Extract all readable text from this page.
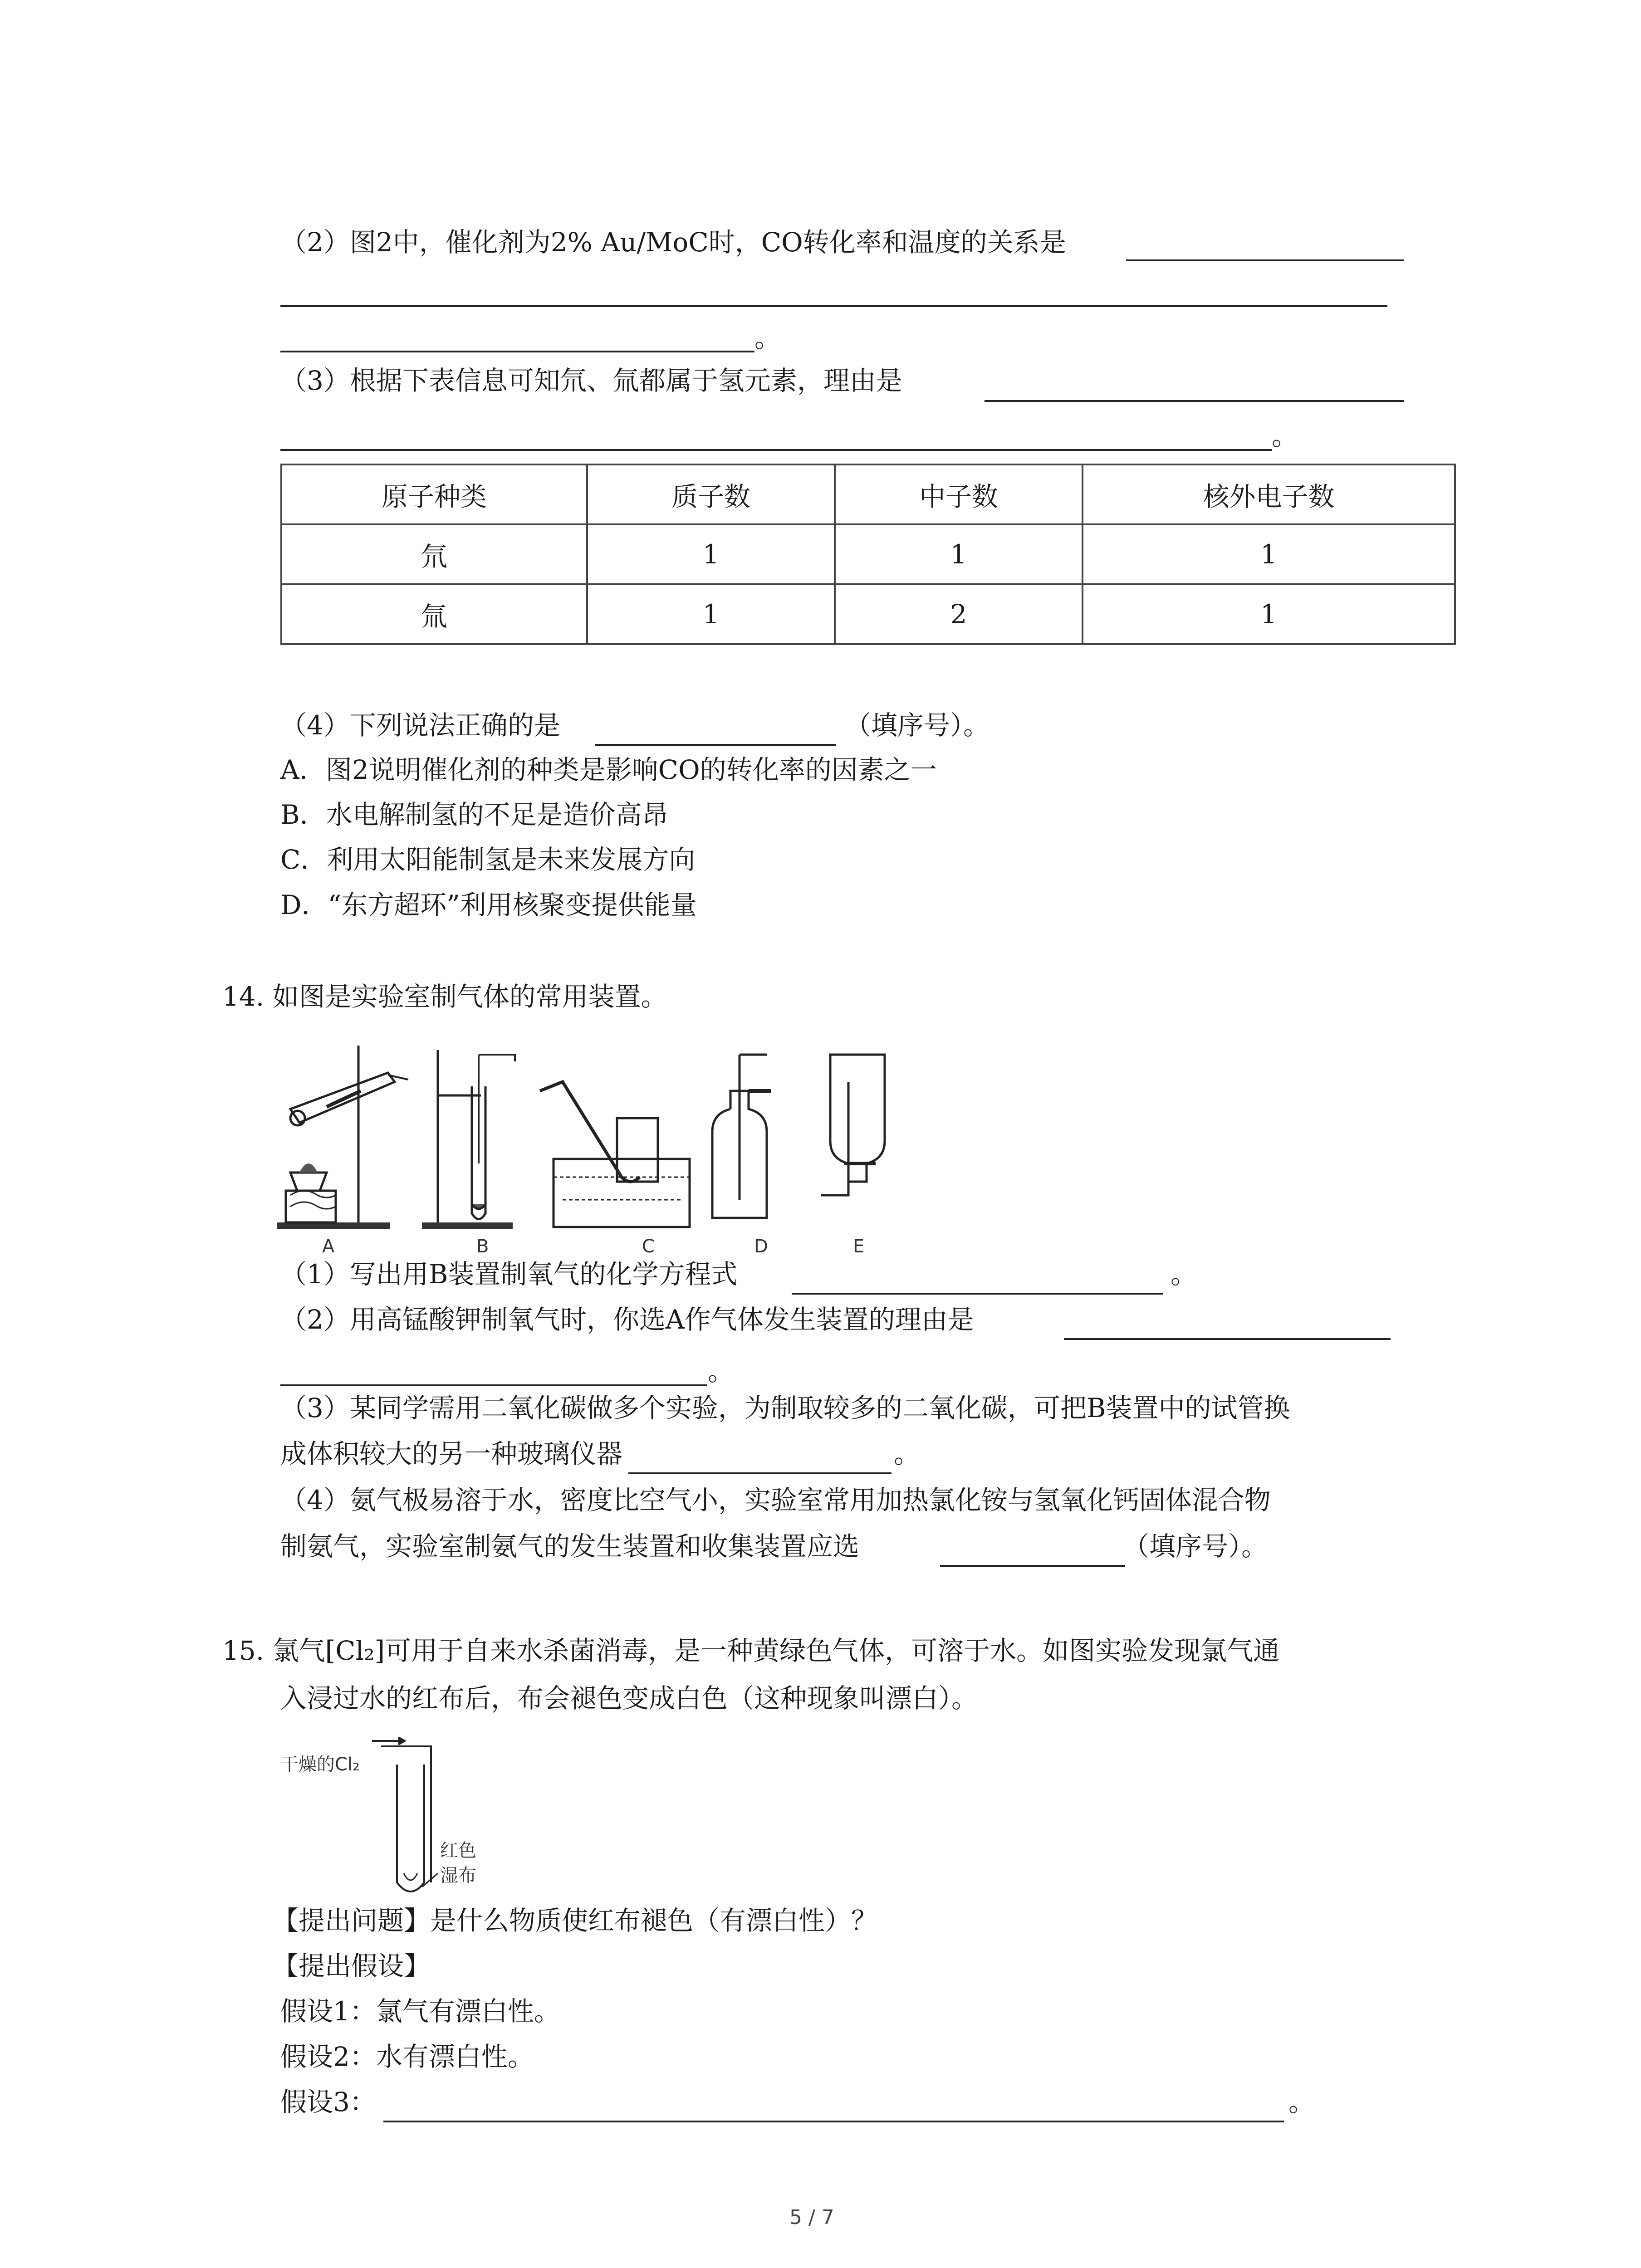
（2）图2中，催化剂为2% Au/MoC时，CO转化率和温度的关系是
。
（3）根据下表信息可知氘、氚都属于氢元素，理由是
。
原子种类	质子数	中子数	核外电子数
氘	1	1	1
氚	1	2	1
（4）下列说法正确的是	（填序号）。
A．图2说明催化剂的种类是影响CO的转化率的因素之一
B．水电解制氢的不足是造价高昂
C．利用太阳能制氢是未来发展方向
D．“东方超环”利用核聚变提供能量
14. 如图是实验室制气体的常用装置。
A	B	C	D	E
（1）写出用B装置制氧气的化学方程式	。
（2）用高锰酸钾制氧气时，你选A作气体发生装置的理由是
。
（3）某同学需用二氧化碳做多个实验，为制取较多的二氧化碳，可把B装置中的试管换
成体积较大的另一种玻璃仪器	。
（4）氨气极易溶于水，密度比空气小，实验室常用加热氯化铵与氢氧化钙固体混合物
制氨气，实验室制氨气的发生装置和收集装置应选	（填序号）。
15. 氯气[Cl₂]可用于自来水杀菌消毒，是一种黄绿色气体，可溶于水。如图实验发现氯气通
入浸过水的红布后，布会褪色变成白色（这种现象叫漂白）。
干燥的Cl₂
红色
湿布
【提出问题】是什么物质使红布褪色（有漂白性）？
【提出假设】
假设1：氯气有漂白性。
假设2：水有漂白性。
假设3：	。
5 / 7
